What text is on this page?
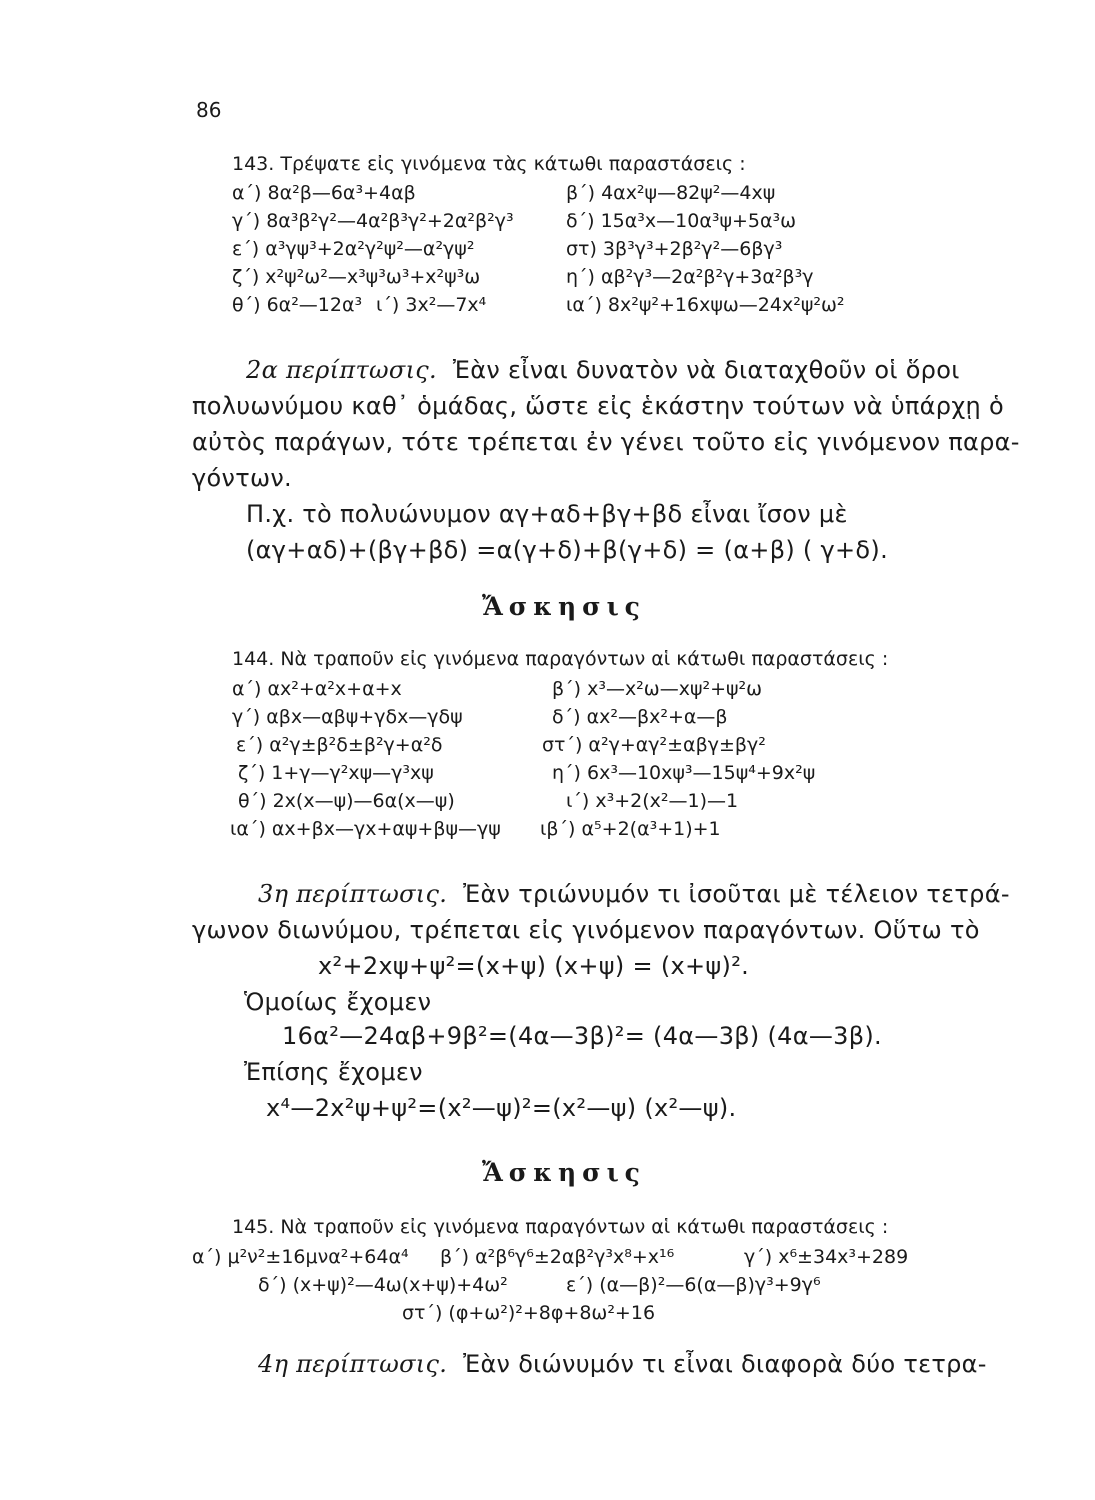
86
143. Τρέψατε εἰς γινόμενα τὰς κάτωθι παραστάσεις :
α΄) 8α²β—6α³+4αβ	β΄) 4αx²ψ—82ψ²—4xψ
γ΄) 8α³β²γ²—4α²β³γ²+2α²β²γ³	δ΄) 15α³x—10α³ψ+5α³ω
ε΄) α³γψ³+2α²γ²ψ²—α²γψ²	στ) 3β³γ³+2β²γ²—6βγ³
ζ΄) x²ψ²ω²—x³ψ³ω³+x²ψ³ω	η΄) αβ²γ³—2α²β²γ+3α²β³γ
θ΄) 6α²—12α³ ι΄) 3x²—7x⁴	ια΄) 8x²ψ²+16xψω—24x²ψ²ω²
2α περίπτωσις. Ἐὰν εἶναι δυνατὸν νὰ διαταχθοῦν οἱ ὅροι
πολυωνύμου καθ᾿ ὁμάδας, ὥστε εἰς ἑκάστην τούτων νὰ ὑπάρχῃ ὁ
αὐτὸς παράγων, τότε τρέπεται ἐν γένει τοῦτο εἰς γινόμενον παρα-
γόντων.
Π.χ. τὸ πολυώνυμον αγ+αδ+βγ+βδ εἶναι ἴσον μὲ
(αγ+αδ)+(βγ+βδ) =α(γ+δ)+β(γ+δ) = (α+β) ( γ+δ).
Ἄσκησις
144. Νὰ τραποῦν εἰς γινόμενα παραγόντων αἱ κάτωθι παραστάσεις :
α΄) αx²+α²x+α+x	β΄) x³—x²ω—xψ²+ψ²ω
γ΄) αβx—αβψ+γδx—γδψ	δ΄) αx²—βx²+α—β
ε΄) α²γ±β²δ±β²γ+α²δ	στ΄) α²γ+αγ²±αβγ±βγ²
ζ΄) 1+γ—γ²xψ—γ³xψ	η΄) 6x³—10xψ³—15ψ⁴+9x²ψ
θ΄) 2x(x—ψ)—6α(x—ψ)	ι΄) x³+2(x²—1)—1
ια΄) αx+βx—γx+αψ+βψ—γψ ιβ΄) α⁵+2(α³+1)+1
3η περίπτωσις. Ἐὰν τριώνυμόν τι ἰσοῦται μὲ τέλειον τετρά-
γωνον διωνύμου, τρέπεται εἰς γινόμενον παραγόντων. Οὕτω τὸ
x²+2xψ+ψ²=(x+ψ) (x+ψ) = (x+ψ)².
Ὁμοίως ἔχομεν
16α²—24αβ+9β²=(4α—3β)²= (4α—3β) (4α—3β).
Ἐπίσης ἔχομεν
x⁴—2x²ψ+ψ²=(x²—ψ)²=(x²—ψ) (x²—ψ).
Ἄσκησις
145. Νὰ τραποῦν εἰς γινόμενα παραγόντων αἱ κάτωθι παραστάσεις :
α΄) μ²ν²±16μνα²+64α⁴ β΄) α²β⁶γ⁶±2αβ²γ³x⁸+x¹⁶	γ΄) x⁶±34x³+289
δ΄) (x+ψ)²—4ω(x+ψ)+4ω²	ε΄) (α—β)²—6(α—β)γ³+9γ⁶
στ΄) (φ+ω²)²+8φ+8ω²+16
4η περίπτωσις. Ἐὰν διώνυμόν τι εἶναι διαφορὰ δύο τετρα-
